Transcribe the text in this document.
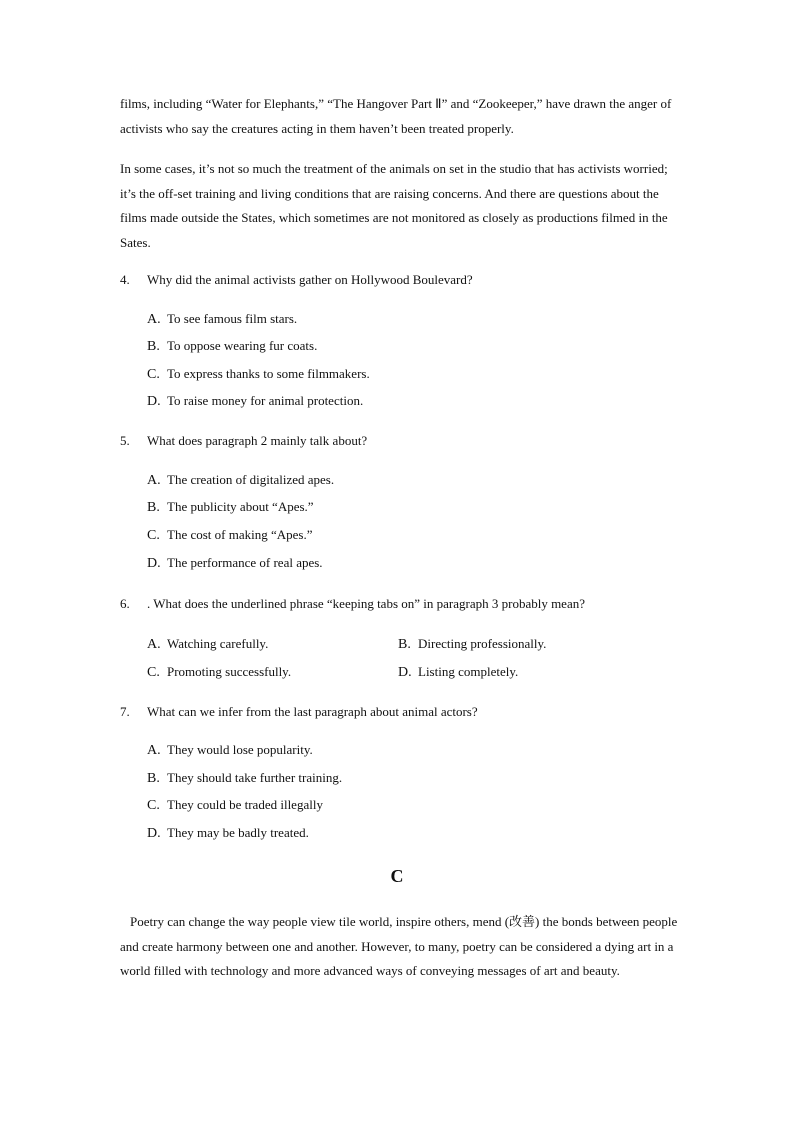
films, including “Water for Elephants,” “The Hangover Part Ⅱ” and “Zookeeper,” have drawn the anger of activists who say the creatures acting in them haven’t been treated properly.

In some cases, it’s not so much the treatment of the animals on set in the studio that has activists worried; it’s the off-set training and living conditions that are raising concerns. And there are questions about the films made outside the States, which sometimes are not monitored as closely as productions filmed in the Sates.

4. Why did the animal activists gather on Hollywood Boulevard?
A. To see famous film stars.
B. To oppose wearing fur coats.
C. To express thanks to some filmmakers.
D. To raise money for animal protection.
5. What does paragraph 2 mainly talk about?
A. The creation of digitalized apes.
B. The publicity about “Apes.”
C. The cost of making “Apes.”
D. The performance of real apes.
6. . What does the underlined phrase “keeping tabs on” in paragraph 3 probably mean?
A. Watching carefully.	B. Directing professionally.
C. Promoting successfully.	D. Listing completely.
7. What can we infer from the last paragraph about animal actors?
A. They would lose popularity.
B. They should take further training.
C. They could be traded illegally
D. They may be badly treated.
C

Poetry can change the way people view tile world, inspire others, mend (改善) the bonds between people and create harmony between one and another. However, to many, poetry can be considered a dying art in a world filled with technology and more advanced ways of conveying messages of art and beauty.
